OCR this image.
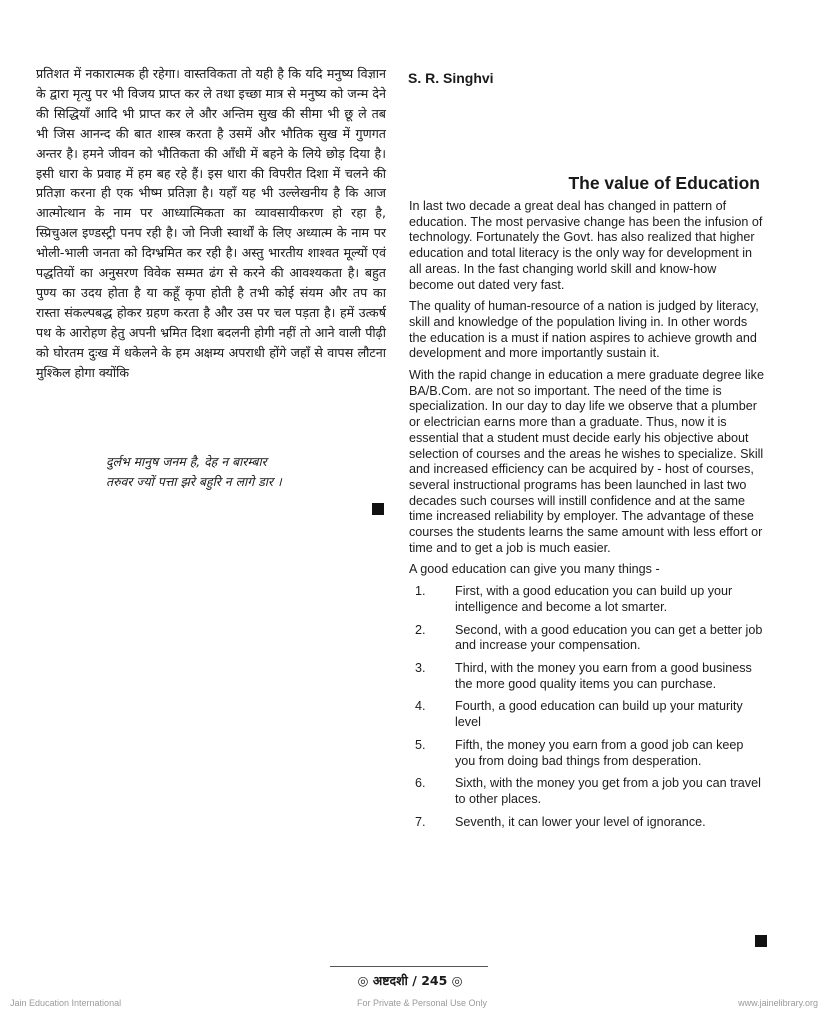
प्रतिशत में नकारात्मक ही रहेगा। वास्तविकता तो यही है कि यदि मनुष्य विज्ञान के द्वारा मृत्यु पर भी विजय प्राप्त कर ले तथा इच्छा मात्र से मनुष्य को जन्म देने की सिद्धियाँ आदि भी प्राप्त कर ले और अन्तिम सुख की सीमा भी छू ले तब भी जिस आनन्द की बात शास्त्र करता है उसमें और भौतिक सुख में गुणगत अन्तर है। हमने जीवन को भौतिकता की आँधी में बहने के लिये छोड़ दिया है। इसी धारा के प्रवाह में हम बह रहे हैं। इस धारा की विपरीत दिशा में चलने की प्रतिज्ञा करना ही एक भीष्म प्रतिज्ञा है। यहाँ यह भी उल्लेखनीय है कि आज आत्मोत्थान के नाम पर आध्यात्मिकता का व्यावसायीकरण हो रहा है, स्प्रिचुअल इण्डस्ट्री पनप रही है। जो निजी स्वार्थों के लिए अध्यात्म के नाम पर भोली-भाली जनता को दिग्भ्रमित कर रही है। अस्तु भारतीय शाश्वत मूल्यों एवं पद्धतियों का अनुसरण विवेक सम्मत ढंग से करने की आवश्यकता है। बहुत पुण्य का उदय होता है या कहूँ कृपा होती है तभी कोई संयम और तप का रास्ता संकल्पबद्ध होकर ग्रहण करता है और उस पर चल पड़ता है। हमें उत्कर्ष पथ के आरोहण हेतु अपनी भ्रमित दिशा बदलनी होगी नहीं तो आने वाली पीढ़ी को घोरतम दुःख में धकेलने के हम अक्षम्य अपराधी होंगे जहाँ से वापस लौटना मुश्किल होगा क्योंकि

दुर्लभ मानुष जनम है, देह न बारम्बार
तरुवर ज्यों पत्ता झरे बहुरि न लागे डार ।
S. R. Singhvi
The value of Education

In last two decade a great deal has changed in pattern of education. The most pervasive change has been the infusion of technology. Fortunately the Govt. has also realized that higher education and total literacy is the only way for development in all areas. In the fast changing world skill and know-how become out dated very fast.

The quality of human-resource of a nation is judged by literacy, skill and knowledge of the population living in. In other words the education is a must if nation aspires to achieve growth and development and more importantly sustain it.

With the rapid change in education a mere graduate degree like BA/B.Com. are not so important. The need of the time is specialization. In our day to day life we observe that a plumber or electrician earns more than a graduate. Thus, now it is essential that a student must decide early his objective about selection of courses and the areas he wishes to specialize. Skill and increased efficiency can be acquired by - host of courses, several instructional programs has been launched in last two decades such courses will instill confidence and at the same time increased reliability by employer. The advantage of these courses the students learns the same amount with less effort or time and to get a job is much easier.

A good education can give you many things -

1.	First, with a good education you can build up your intelligence and become a lot smarter.
2.	Second, with a good education you can get a better job and increase your compensation.
3.	Third, with the money you earn from a good business the more good quality items you can purchase.
4.	Fourth, a good education can build up your maturity level
5.	Fifth, the money you earn from a good job can keep you from doing bad things from desperation.
6.	Sixth, with the money you get from a job you can travel to other places.
7.	Seventh, it can lower your level of ignorance.
◎ अष्टदशी / 245 ◎
Jain Education International	For Private & Personal Use Only	www.jainelibrary.org
